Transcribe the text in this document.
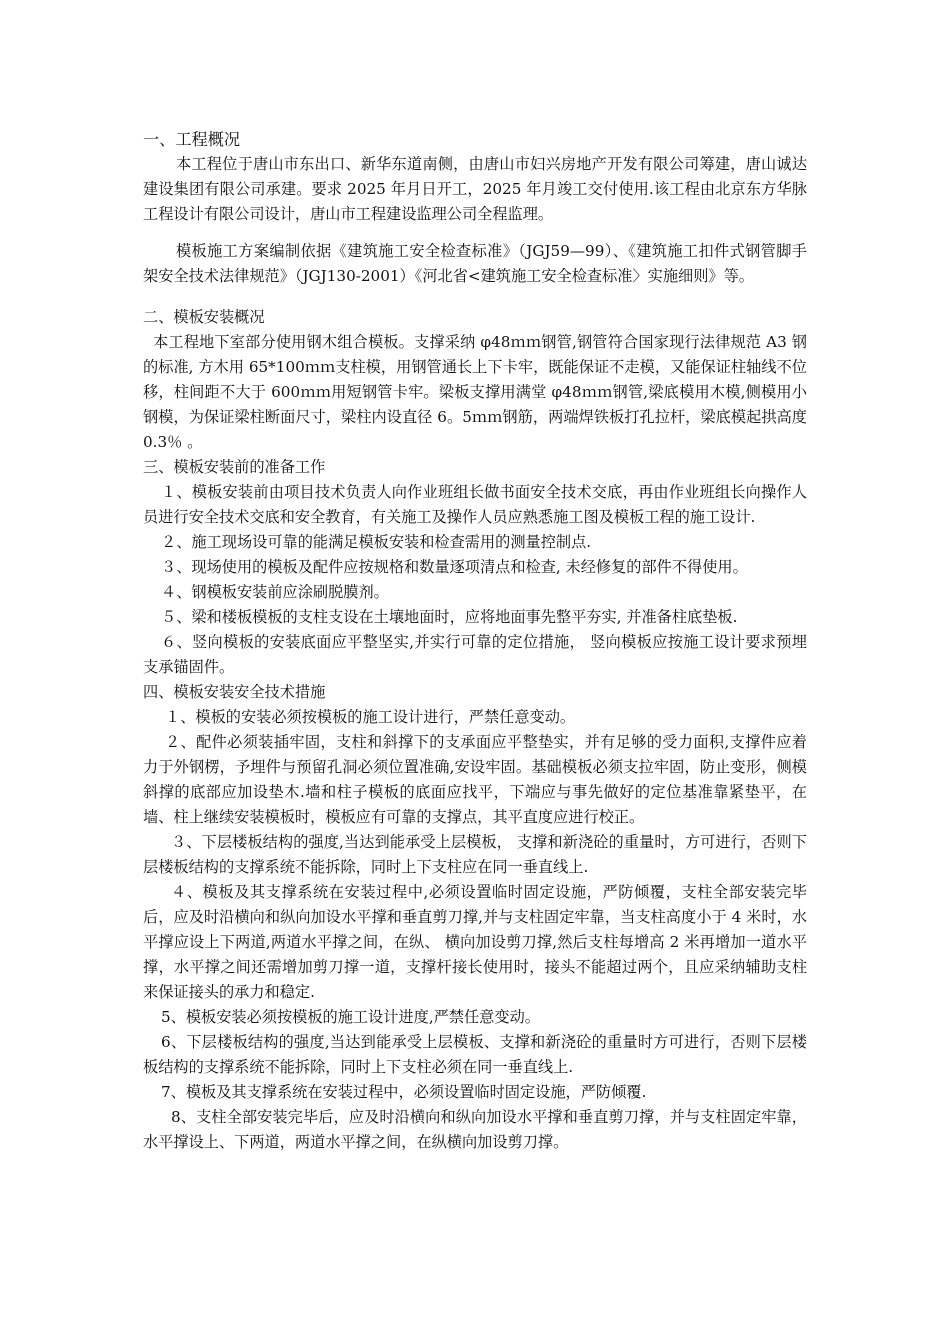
一、工程概况

本工程位于唐山市东出口、新华东道南侧，由唐山市妇兴房地产开发有限公司筹建，唐山诚达建设集团有限公司承建。要求 2025 年月日开工，2025 年月竣工交付使用.该工程由北京东方华脉工程设计有限公司设计，唐山市工程建设监理公司全程监理。

模板施工方案编制依据《建筑施工安全检查标准》（JGJ59—99）、《建筑施工扣件式钢管脚手架安全技术法律规范》（JGJ130-2001）《河北省<建筑施工安全检查标准〉实施细则》等。

二、模板安装概况

本工程地下室部分使用钢木组合模板。支撑采纳 φ48ｍｍ钢管,钢管符合国家现行法律规范 A3 钢的标准, 方木用 65*100ｍｍ支柱模，用钢管通长上下卡牢，既能保证不走模，又能保证柱轴线不位移，柱间距不大于 600ｍｍ用短钢管卡牢。梁板支撑用满堂 φ48ｍｍ钢管,梁底模用木模,侧模用小钢模，为保证梁柱断面尺寸，梁柱内设直径 6。5ｍｍ钢筋，两端焊铁板打孔拉杆，梁底模起拱高度 0.3％ 。

三、模板安装前的准备工作

１、模板安装前由项目技术负责人向作业班组长做书面安全技术交底，再由作业班组长向操作人员进行安全技术交底和安全教育，有关施工及操作人员应熟悉施工图及模板工程的施工设计.

２、施工现场设可靠的能满足模板安装和检查需用的测量控制点.

３、现场使用的模板及配件应按规格和数量逐项清点和检查, 未经修复的部件不得使用。

４、钢模板安装前应涂刷脱膜剂。

５、梁和楼板模板的支柱支设在土壤地面时，应将地面事先整平夯实, 并准备柱底垫板.

６、竖向模板的安装底面应平整坚实,并实行可靠的定位措施， 竖向模板应按施工设计要求预埋支承锚固件。

四、模板安装安全技术措施

１、模板的安装必须按模板的施工设计进行，严禁任意变动。

２、配件必须装插牢固，支柱和斜撑下的支承面应平整垫实，并有足够的受力面积,支撑件应着力于外钢楞，予埋件与预留孔洞必须位置准确,安设牢固。基础模板必须支拉牢固，防止变形，侧模斜撑的底部应加设垫木.墙和柱子模板的底面应找平，下端应与事先做好的定位基准靠紧垫平，在墙、柱上继续安装模板时，模板应有可靠的支撑点，其平直度应进行校正。

３、下层楼板结构的强度,当达到能承受上层模板， 支撑和新浇砼的重量时，方可进行，否则下层楼板结构的支撑系统不能拆除，同时上下支柱应在同一垂直线上.

４、模板及其支撑系统在安装过程中,必须设置临时固定设施，严防倾覆，支柱全部安装完毕后，应及时沿横向和纵向加设水平撑和垂直剪刀撑,并与支柱固定牢靠，当支柱高度小于 4 米时，水平撑应设上下两道,两道水平撑之间，在纵、 横向加设剪刀撑,然后支柱每增高 2 米再增加一道水平撑，水平撑之间还需增加剪刀撑一道，支撑杆接长使用时，接头不能超过两个，且应采纳辅助支柱来保证接头的承力和稳定.

5、模板安装必须按模板的施工设计进度,严禁任意变动。

6、下层楼板结构的强度,当达到能承受上层模板、支撑和新浇砼的重量时方可进行，否则下层楼板结构的支撑系统不能拆除，同时上下支柱必须在同一垂直线上.

7、模板及其支撑系统在安装过程中，必须设置临时固定设施，严防倾覆.

8、支柱全部安装完毕后，应及时沿横向和纵向加设水平撑和垂直剪刀撑，并与支柱固定牢靠，水平撑设上、下两道，两道水平撑之间，在纵横向加设剪刀撑。
